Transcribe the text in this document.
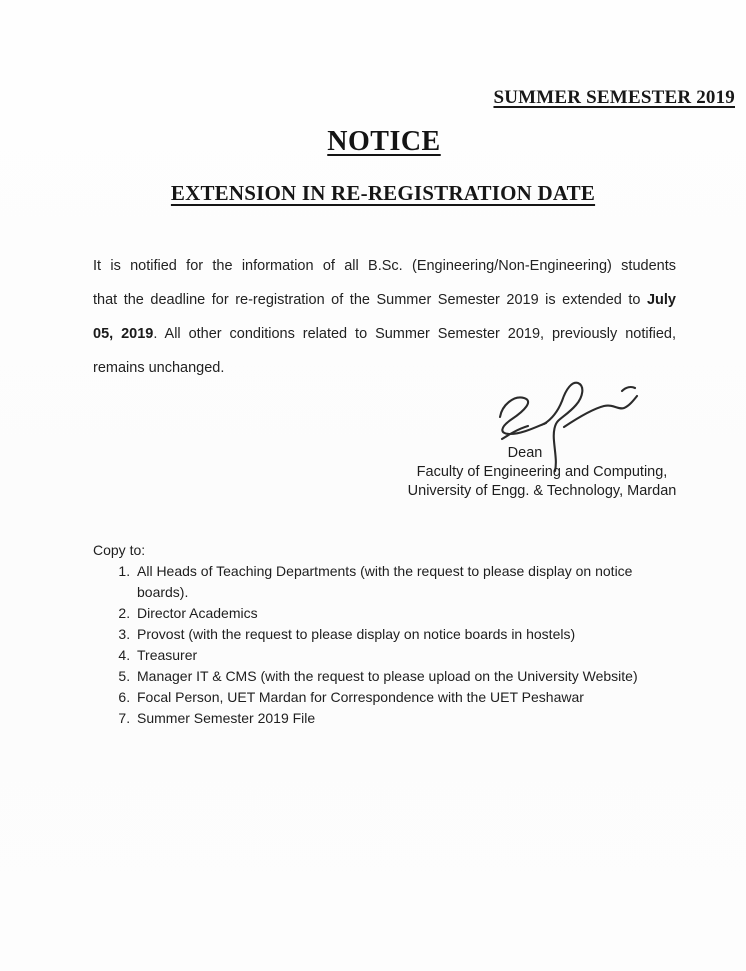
SUMMER SEMESTER 2019
NOTICE
EXTENSION IN RE-REGISTRATION DATE
It is notified for the information of all B.Sc. (Engineering/Non-Engineering) students
that the deadline for re-registration of the Summer Semester 2019 is extended to July
05, 2019. All other conditions related to Summer Semester 2019, previously notified,
remains unchanged.
Dean
Faculty of Engineering and Computing,
University of Engg. & Technology, Mardan
Copy to:
1. All Heads of Teaching Departments (with the request to please display on notice boards).
2. Director Academics
3. Provost (with the request to please display on notice boards in hostels)
4. Treasurer
5. Manager IT & CMS (with the request to please upload on the University Website)
6. Focal Person, UET Mardan for Correspondence with the UET Peshawar
7. Summer Semester 2019 File
